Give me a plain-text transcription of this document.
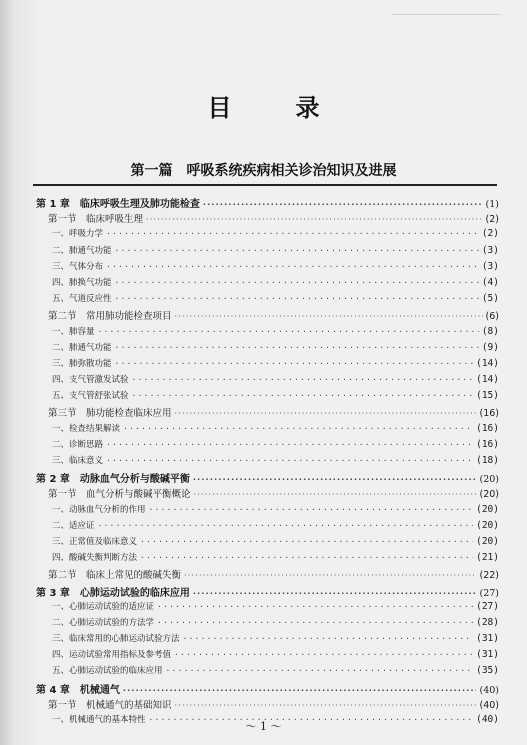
目　录
第一篇　呼吸系统疾病相关诊治知识及进展
第 1 章　临床呼吸生理及肺功能检查 ·····	(1)
第一节　临床呼吸生理 ·····	(2)
一、呼吸力学 ·····	(2)
二、肺通气功能 ·····	(3)
三、气体分布 ·····	(3)
四、肺换气功能 ·····	(4)
五、气道反应性 ·····	(5)
第二节　常用肺功能检查项目 ·····	(6)
一、肺容量 ·····	(8)
二、肺通气功能 ·····	(9)
三、肺弥散功能 ·····	(14)
四、支气管激发试验 ·····	(14)
五、支气管舒张试验 ·····	(15)
第三节　肺功能检查临床应用 ·····	(16)
一、检查结果解读 ·····	(16)
二、诊断思路 ·····	(16)
三、临床意义 ·····	(18)
第 2 章　动脉血气分析与酸碱平衡 ·····	(20)
第一节　血气分析与酸碱平衡概论 ·····	(20)
一、动脉血气分析的作用 ·····	(20)
二、适应证 ·····	(20)
三、正常值及临床意义 ·····	(20)
四、酸碱失衡判断方法 ·····	(21)
第二节　临床上常见的酸碱失衡 ·····	(22)
第 3 章　心肺运动试验的临床应用 ·····	(27)
一、心肺运动试验的适应证 ·····	(27)
二、心肺运动试验的方法学 ·····	(28)
三、临床常用的心肺运动试验方法 ·····	(31)
四、运动试验常用指标及参考值 ·····	(31)
五、心肺运动试验的临床应用 ·····	(35)
第 4 章　机械通气 ·····	(40)
第一节　机械通气的基础知识 ·····	(40)
一、机械通气的基本特性 ·····	(40)
～ 1 ～
